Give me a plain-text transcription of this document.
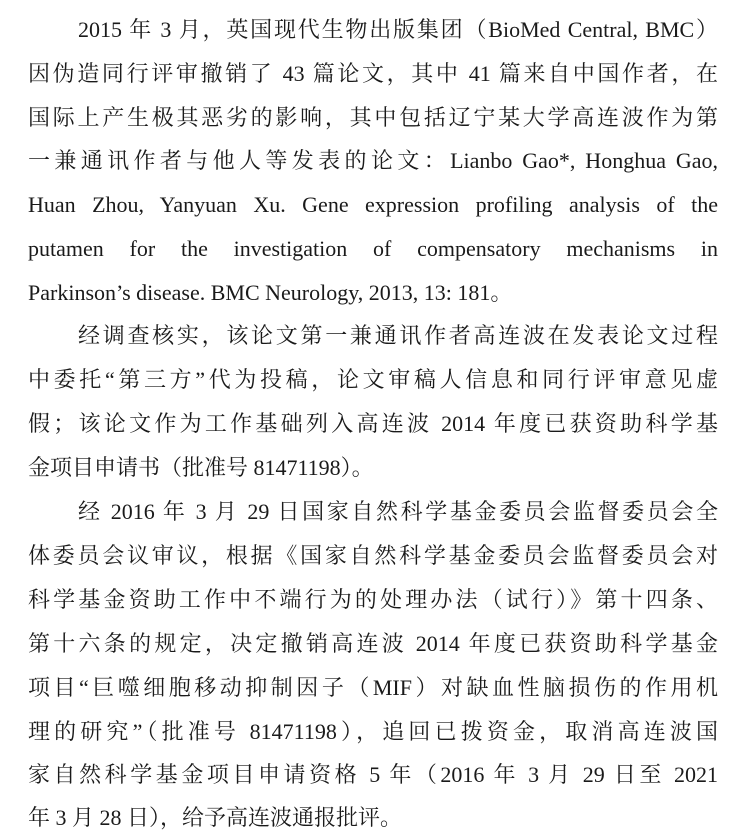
2015 年 3 月，英国现代生物出版集团（BioMed Central, BMC）
因伪造同行评审撤销了 43 篇论文，其中 41 篇来自中国作者，在
国际上产生极其恶劣的影响，其中包括辽宁某大学高连波作为第
一兼通讯作者与他人等发表的论文：Lianbo Gao*, Honghua Gao,
Huan Zhou, Yanyuan Xu. Gene expression profiling analysis of the
putamen for the investigation of compensatory mechanisms in
Parkinson’s disease. BMC Neurology, 2013, 13: 181。
经调查核实，该论文第一兼通讯作者高连波在发表论文过程
中委托“第三方”代为投稿，论文审稿人信息和同行评审意见虚
假；该论文作为工作基础列入高连波 2014 年度已获资助科学基
金项目申请书（批准号 81471198）。
经 2016 年 3 月 29 日国家自然科学基金委员会监督委员会全
体委员会议审议，根据《国家自然科学基金委员会监督委员会对
科学基金资助工作中不端行为的处理办法（试行）》第十四条、
第十六条的规定，决定撤销高连波 2014 年度已获资助科学基金
项目“巨噬细胞移动抑制因子（MIF）对缺血性脑损伤的作用机
理的研究”（批准号 81471198），追回已拨资金，取消高连波国
家自然科学基金项目申请资格 5 年（2016 年 3 月 29 日至 2021
年 3 月 28 日），给予高连波通报批评。
